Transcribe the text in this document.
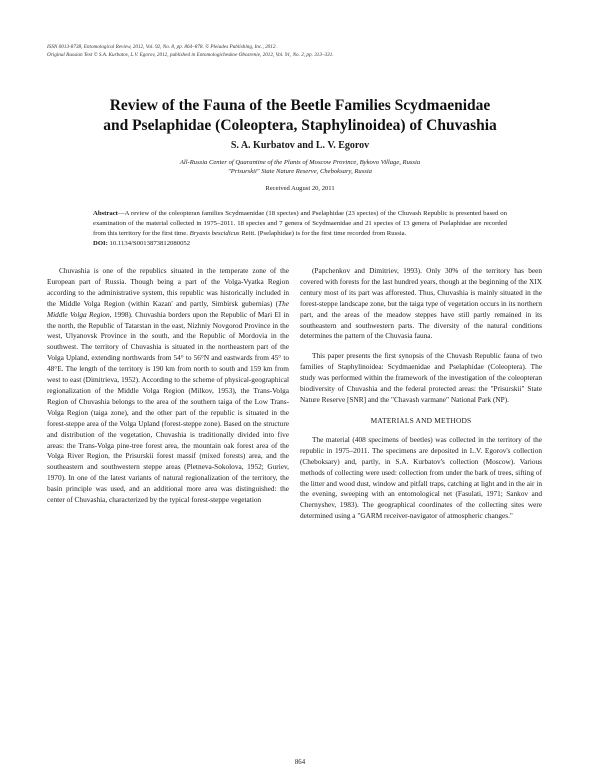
ISSN 0013-8738, Entomological Review, 2012, Vol. 92, No. 8, pp. 864–878. © Pleiades Publishing, Inc., 2012.
Original Russian Text © S.A. Kurbatov, L.V. Egorov, 2012, published in Entomologicheskoe Obozrenie, 2012, Vol. 91, No. 2, pp. 313–331.
Review of the Fauna of the Beetle Families Scydmaenidae
and Pselaphidae (Coleoptera, Staphylinoidea) of Chuvashia
S. A. Kurbatov and L. V. Egorov
All-Russia Center of Quarantine of the Plants of Moscow Province, Bykovo Village, Russia
"Prisurskii" State Nature Reserve, Cheboksary, Russia
Received August 20, 2011
Abstract—A review of the coleopteran families Scydmaenidae (18 species) and Pselaphidae (23 species) of the Chuvash Republic is presented based on examination of the material collected in 1975–2011. 18 species and 7 genera of Scydmaenidae and 21 species of 13 genera of Pselaphidae are recorded from this territory for the first time. Bryaxis bescidicus Reitt. (Pselaphidae) is for the first time recorded from Russia.
DOI: 10.1134/S0013873812080052

Chuvashia is one of the republics situated in the temperate zone of the European part of Russia. Though being a part of the Volga-Vyatka Region according to the administrative system, this republic was historically included in the Middle Volga Region (within Kazan' and partly, Simbirsk gubernias) (The Middle Volga Region, 1998). Chuvashia borders upon the Republic of Mari El in the north, the Republic of Tatarstan in the east, Nizhniy Novgorod Province in the west, Ulyanovsk Province in the south, and the Republic of Mordovia in the southwest. The territory of Chuvashia is situated in the northeastern part of the Volga Upland, extending northwards from 54° to 56°N and eastwards from 45° to 48°E. The length of the territory is 190 km from north to south and 159 km from west to east (Dimitrieva, 1952). According to the scheme of physical-geographical regionalization of the Middle Volga Region (Milkov, 1953), the Trans-Volga Region of Chuvashia belongs to the area of the southern taiga of the Low Trans-Volga Region (taiga zone), and the other part of the republic is situated in the forest-steppe area of the Volga Upland (forest-steppe zone). Based on the structure and distribution of the vegetation, Chuvashia is traditionally divided into five areas: the Trans-Volga pine-tree forest area, the mountain oak forest area of the Volga River Region, the Prisurskii forest massif (mixed forests) area, and the southeastern and southwestern steppe areas (Pletneva-Sokolova, 1952; Guriev, 1970). In one of the latest variants of natural regionalization of the territory, the basin principle was used, and an additional more area was distinguished: the center of Chuvashia, characterized by the typical forest-steppe vegetation

(Papchenkov and Dimitriev, 1993). Only 30% of the territory has been covered with forests for the last hundred years, though at the beginning of the XIX century most of its part was afforested. Thus, Chuvashia is mainly situated in the forest-steppe landscape zone, but the taiga type of vegetation occurs in its northern part, and the areas of the meadow steppes have still partly remained in its southeastern and southwestern parts. The diversity of the natural conditions determines the pattern of the Chuvasia fauna.

This paper presents the first synopsis of the Chuvash Republic fauna of two families of Staphylinoidea: Scydmaenidae and Pselaphidae (Coleoptera). The study was performed within the framework of the investigation of the coleopteran biodiversity of Chuvashia and the federal protected areas: the "Prisurskii" State Nature Reserve [SNR] and the "Chavash varmane" National Park (NP).

MATERIALS AND METHODS

The material (408 specimens of beetles) was collected in the territory of the republic in 1975–2011. The specimens are deposited in L.V. Egorov's collection (Cheboksary) and, partly, in S.A. Kurbatov's collection (Moscow). Various methods of collecting were used: collection from under the bark of trees, sifting of the litter and wood dust, window and pitfall traps, catching at light and in the air in the evening, sweeping with an entomological net (Fasulati, 1971; Sankov and Chernyshev, 1983). The geographical coordinates of the collecting sites were determined using a "GARM receiver-navigator of atmospheric changes."

864
